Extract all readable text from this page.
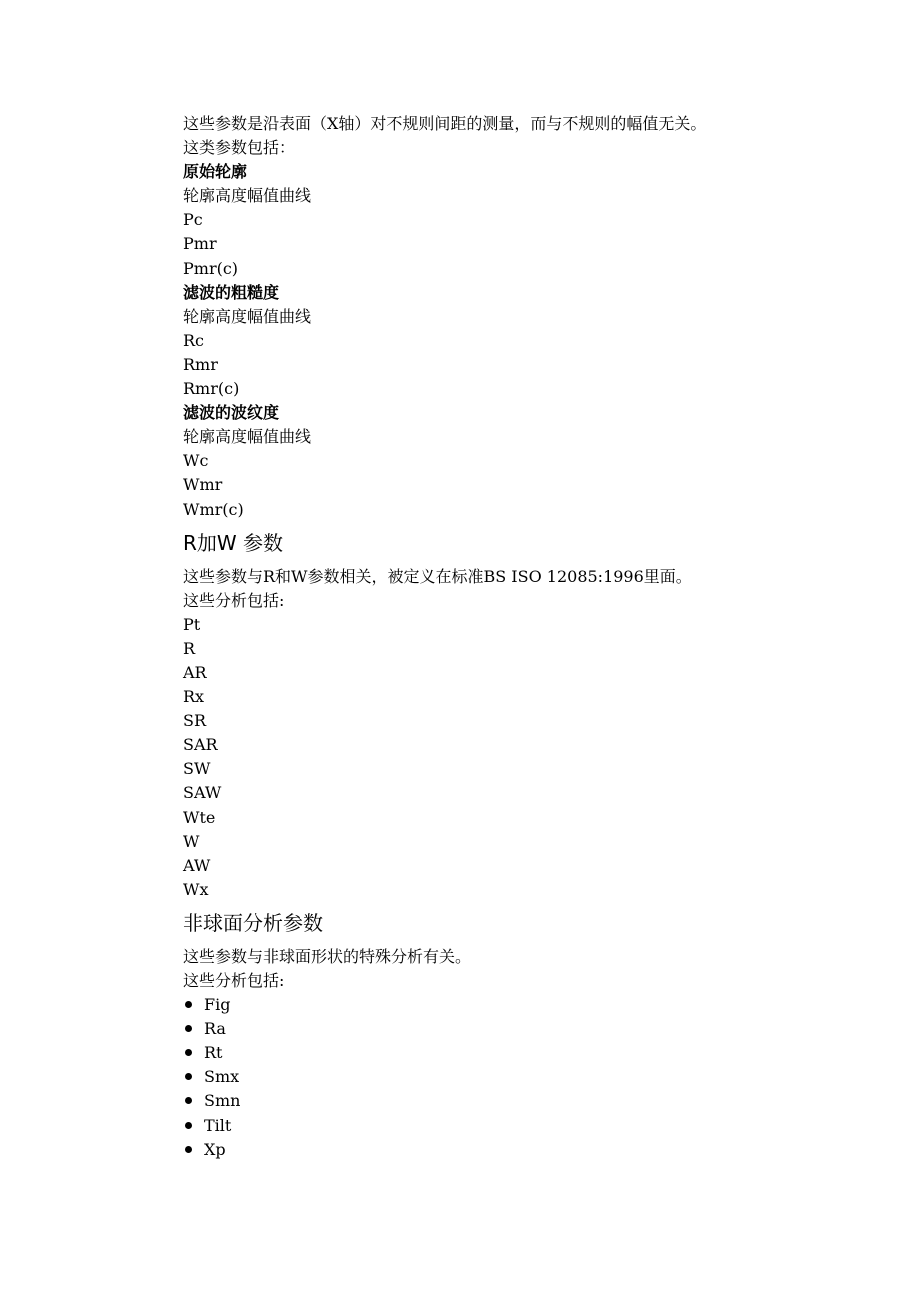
这些参数是沿表面（X轴）对不规则间距的测量，而与不规则的幅值无关。
这类参数包括：
原始轮廓
轮廓高度幅值曲线
Pc
Pmr
Pmr(c)
滤波的粗糙度
轮廓高度幅值曲线
Rc
Rmr
Rmr(c)
滤波的波纹度
轮廓高度幅值曲线
Wc
Wmr
Wmr(c)
R加W 参数
这些参数与R和W参数相关，被定义在标准BS ISO 12085:1996里面。
这些分析包括:
Pt
R
AR
Rx
SR
SAR
SW
SAW
Wte
W
AW
Wx
非球面分析参数
这些参数与非球面形状的特殊分析有关。
这些分析包括:
Fig
Ra
Rt
Smx
Smn
Tilt
Xp
